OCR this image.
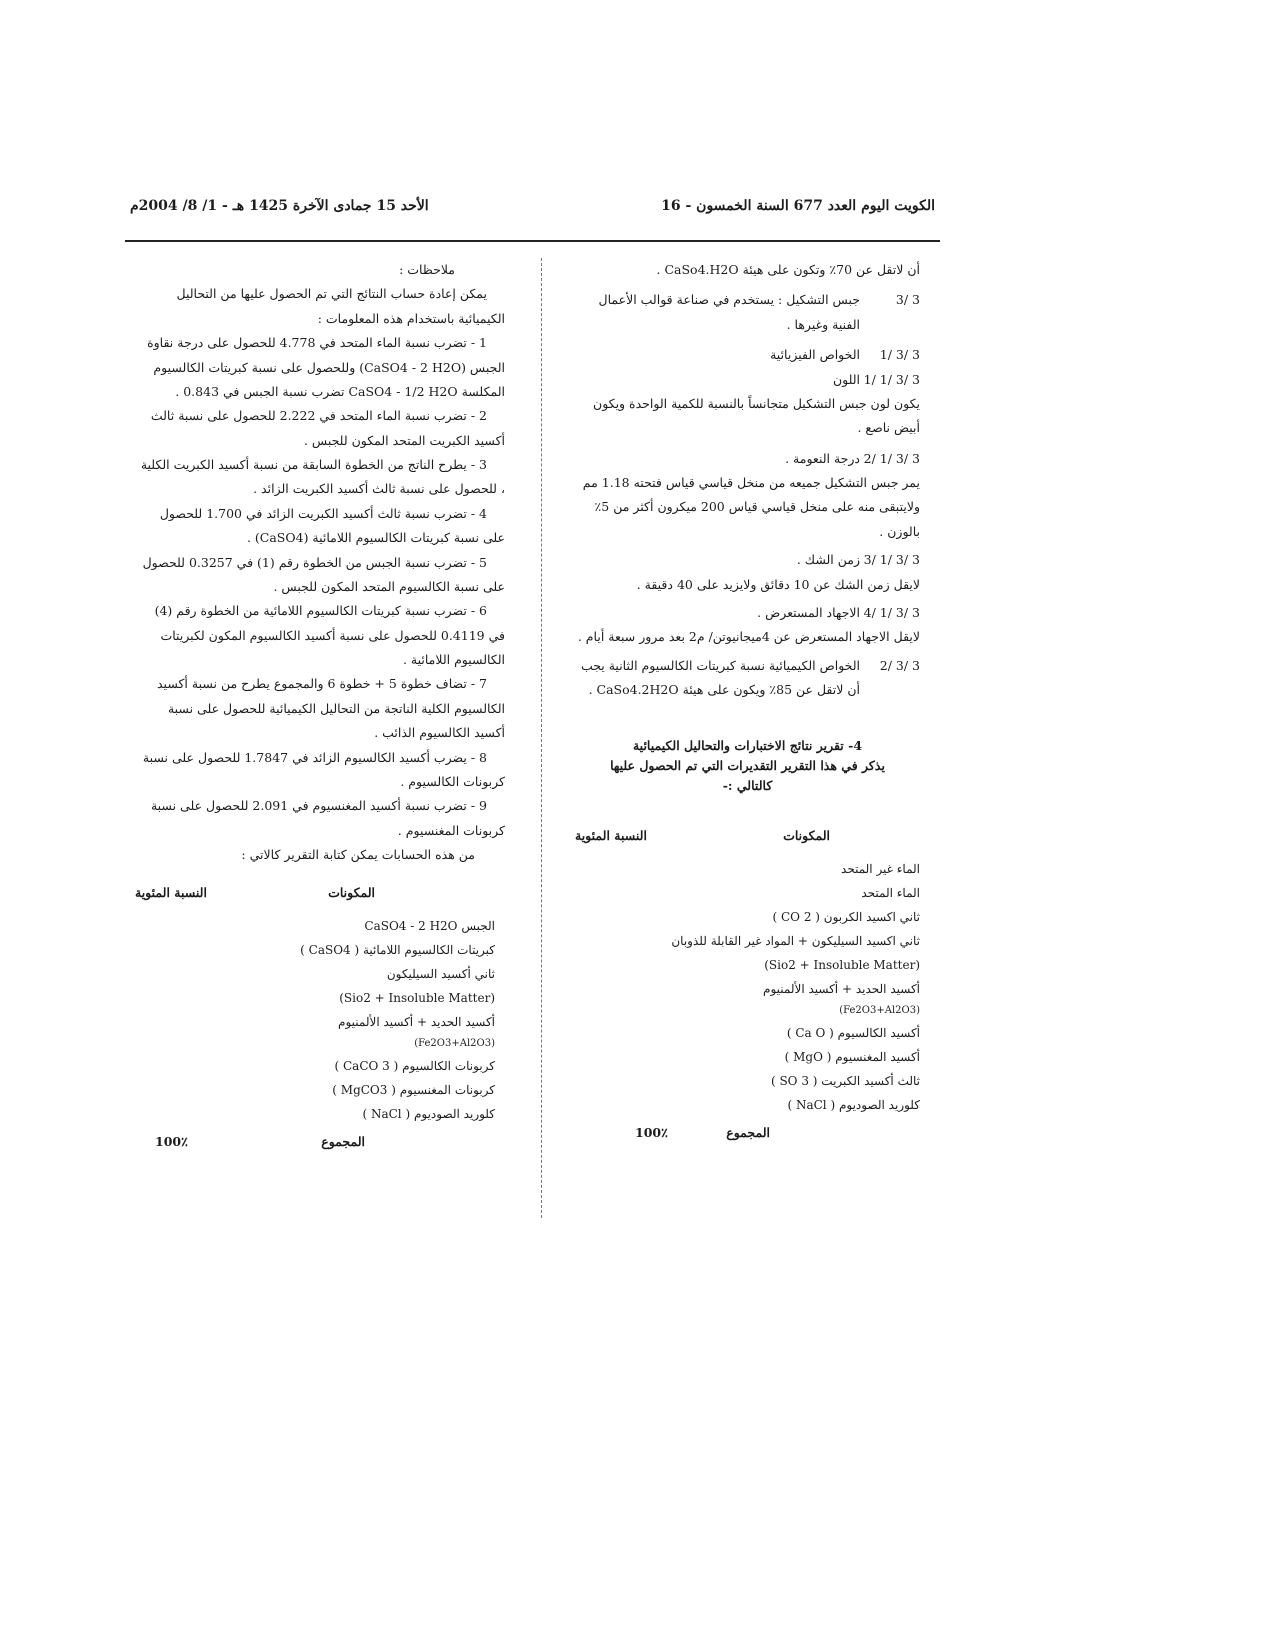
الكويت اليوم العدد 677 السنة الخمسون - 16
الأحد 15 جمادى الآخرة 1425 هـ - 1/ 8/ 2004م

أن لاتقل عن 70٪ وتكون على هيئة CaSo4.H2O .

3 /3
جبس التشكيل : يستخدم في صناعة قوالب الأعمال الفنية وغيرها .
3 /3 /1
الخواص الفيزيائية
3 /3 /1 /1
اللون

يكون لون جبس التشكيل متجانساً بالنسبة للكمية الواحدة ويكون أبيض ناصع .

3 /3 /1 /2
درجة النعومة .

يمر جبس التشكيل جميعه من منخل قياسي قياس فتحته 1.18 مم ولايتبقى منه على منخل قياسي قياس 200 ميكرون أكثر من 5٪ بالوزن .

3 /3 /1 /3
زمن الشك .

لايقل زمن الشك عن 10 دقائق ولايزيد على 40 دقيقة .

3 /3 /1 /4
الاجهاد المستعرض .

لايقل الاجهاد المستعرض عن 4ميجانيوتن/ م2 بعد مرور سبعة أيام .

3 /3 /2
الخواص الكيميائية نسبة كبريتات الكالسيوم الثانية يجب أن لاتقل عن 85٪ ويكون على هيئة CaSo4.2H2O .

4- تقرير نتائج الاختبارات والتحاليل الكيميائية

يذكر في هذا التقرير التقديرات التي تم الحصول عليها كالتالي :-

المكونات
النسبة المئوية
الماء غير المتحد
الماء المتحد
ثاني اكسيد الكربون ( CO 2 )
ثاني اكسيد السيليكون + المواد غير القابلة للذوبان
(Sio2 + Insoluble Matter)
أكسيد الحديد + أكسيد الألمنيوم
(Fe2O3+Al2O3)
أكسيد الكالسيوم ( Ca O )
أكسيد المغنسيوم ( MgO )
ثالث أكسيد الكبريت ( SO 3 )
كلوريد الصوديوم ( NaCl )
المجموع
100٪

ملاحظات :

يمكن إعادة حساب النتائج التي تم الحصول عليها من التحاليل الكيميائية باستخدام هذه المعلومات :

1 - تضرب نسبة الماء المتحد في 4.778 للحصول على درجة نقاوة الجبس (CaSO4 - 2 H2O) وللحصول على نسبة كبريتات الكالسيوم المكلسة CaSO4 - 1/2 H2O تضرب نسبة الجبس في 0.843 .

2 - تضرب نسبة الماء المتحد في 2.222 للحصول على نسبة ثالث أكسيد الكبريت المتحد المكون للجبس .

3 - يطرح الناتج من الخطوة السابقة من نسبة أكسيد الكبريت الكلية ، للحصول على نسبة ثالث أكسيد الكبريت الزائد .

4 - تضرب نسبة ثالث أكسيد الكبريت الزائد في 1.700 للحصول على نسبة كبريتات الكالسيوم اللامائية (CaSO4) .

5 - تضرب نسبة الجبس من الخطوة رقم (1) في 0.3257 للحصول على نسبة الكالسيوم المتحد المكون للجبس .

6 - تضرب نسبة كبريتات الكالسيوم اللامائية من الخطوة رقم (4) في 0.4119 للحصول على نسبة أكسيد الكالسيوم المكون لكبريتات الكالسيوم اللامائية .

7 - تضاف خطوة 5 + خطوة 6 والمجموع يطرح من نسبة أكسيد الكالسيوم الكلية الناتجة من التحاليل الكيميائية للحصول على نسبة أكسيد الكالسيوم الذائب .

8 - يضرب أكسيد الكالسيوم الزائد في 1.7847 للحصول على نسبة كربونات الكالسيوم .

9 - تضرب نسبة أكسيد المغنسيوم في 2.091 للحصول على نسبة كربونات المغنسيوم .

من هذه الحسابات يمكن كتابة التقرير كالاتي :

المكونات
النسبة المئوية
الجبس CaSO4 - 2 H2O
كبريتات الكالسيوم اللامائية ( CaSO4 )
ثاني أكسيد السيليكون
(Sio2 + Insoluble Matter)
أكسيد الحديد + أكسيد الألمنيوم
(Fe2O3+Al2O3)
كربونات الكالسيوم ( CaCO 3 )
كربونات المغنسيوم ( MgCO3 )
كلوريد الصوديوم ( NaCl )
المجموع
100٪
